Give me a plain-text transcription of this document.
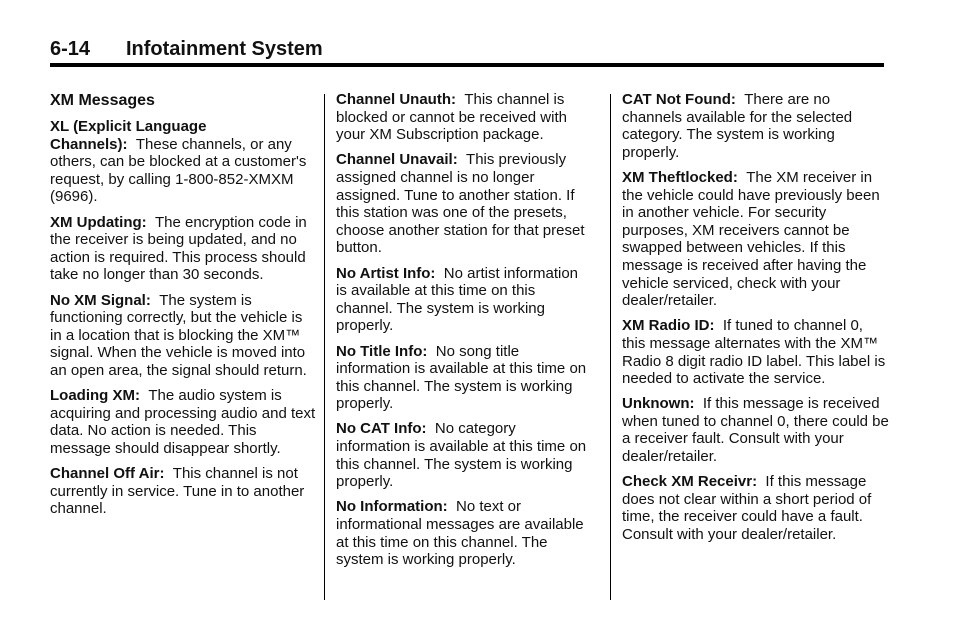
6-14 Infotainment System
XM Messages
XL (Explicit Language Channels): These channels, or any others, can be blocked at a customer's request, by calling 1-800-852-XMXM (9696).
XM Updating: The encryption code in the receiver is being updated, and no action is required. This process should take no longer than 30 seconds.
No XM Signal: The system is functioning correctly, but the vehicle is in a location that is blocking the XM™ signal. When the vehicle is moved into an open area, the signal should return.
Loading XM: The audio system is acquiring and processing audio and text data. No action is needed. This message should disappear shortly.
Channel Off Air: This channel is not currently in service. Tune in to another channel.
Channel Unauth: This channel is blocked or cannot be received with your XM Subscription package.
Channel Unavail: This previously assigned channel is no longer assigned. Tune to another station. If this station was one of the presets, choose another station for that preset button.
No Artist Info: No artist information is available at this time on this channel. The system is working properly.
No Title Info: No song title information is available at this time on this channel. The system is working properly.
No CAT Info: No category information is available at this time on this channel. The system is working properly.
No Information: No text or informational messages are available at this time on this channel. The system is working properly.
CAT Not Found: There are no channels available for the selected category. The system is working properly.
XM Theftlocked: The XM receiver in the vehicle could have previously been in another vehicle. For security purposes, XM receivers cannot be swapped between vehicles. If this message is received after having the vehicle serviced, check with your dealer/retailer.
XM Radio ID: If tuned to channel 0, this message alternates with the XM™ Radio 8 digit radio ID label. This label is needed to activate the service.
Unknown: If this message is received when tuned to channel 0, there could be a receiver fault. Consult with your dealer/retailer.
Check XM Receivr: If this message does not clear within a short period of time, the receiver could have a fault. Consult with your dealer/retailer.
